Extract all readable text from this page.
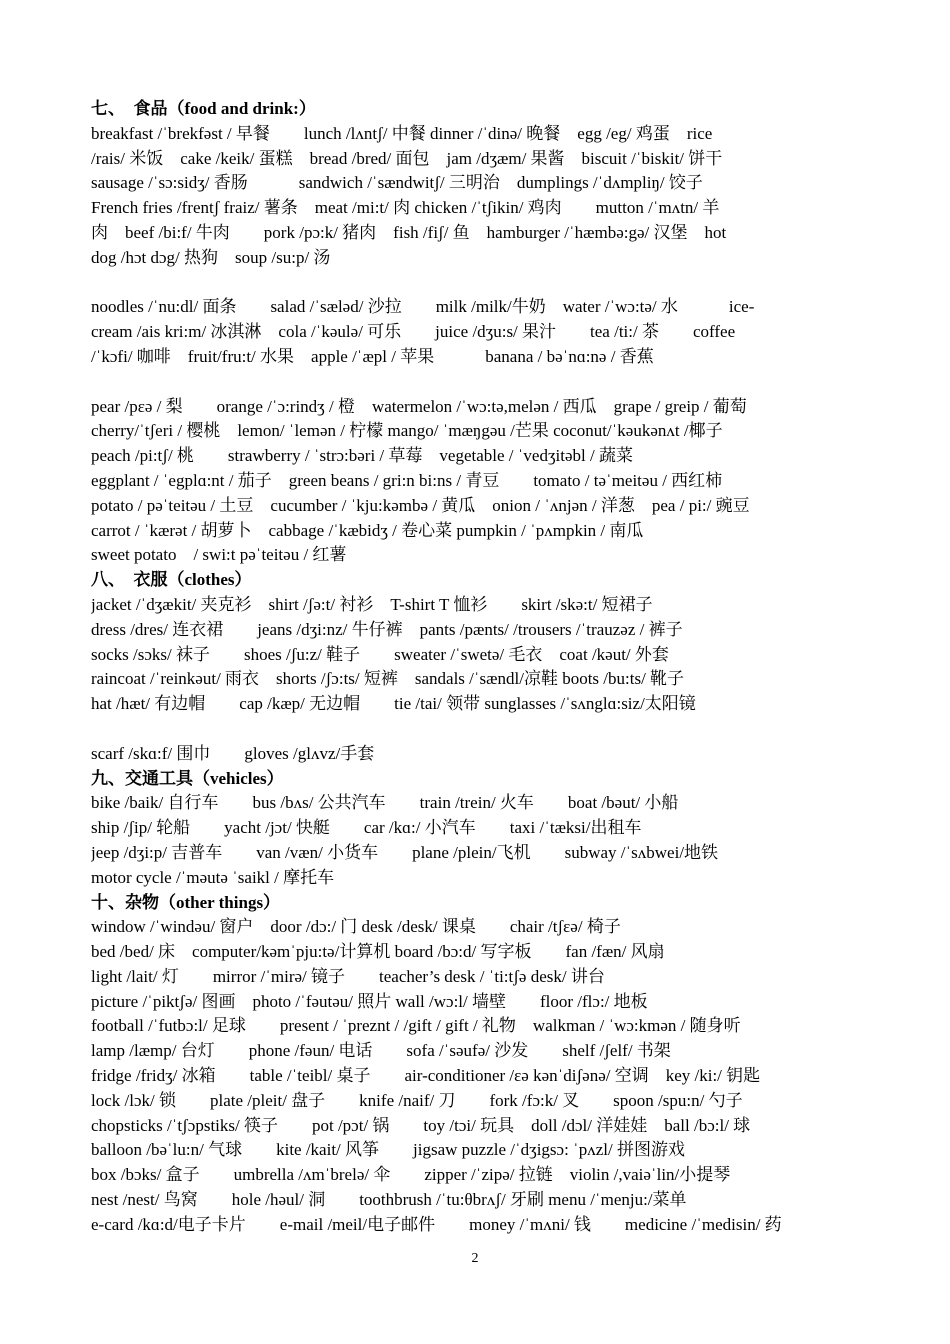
七、　食品（food and drink:）
breakfast /ˈbrekfəst / 早餐　　lunch /lʌntʃ/ 中餐 dinner /ˈdinə/ 晚餐　egg /eg/ 鸡蛋　rice
/rais/ 米饭　cake /keik/ 蛋糕　bread /bred/ 面包　jam /dʒæm/ 果酱　biscuit /ˈbiskit/ 饼干
sausage /ˈsɔ:sidʒ/ 香肠　　　sandwich /ˈsændwitʃ/ 三明治　dumplings /ˈdʌmpliŋ/ 饺子
French fries /frentʃ fraiz/ 薯条　meat /mi:t/ 肉 chicken /ˈtʃikin/ 鸡肉　　mutton /ˈmʌtn/ 羊
肉　beef /bi:f/ 牛肉　　pork /pɔ:k/ 猪肉　fish /fiʃ/ 鱼　hamburger /ˈhæmbə:gə/ 汉堡　hot
dog /hɔt dɔg/ 热狗　soup /su:p/ 汤
noodles /ˈnu:dl/ 面条　　salad /ˈsæləd/ 沙拉　　milk /milk/牛奶　water /ˈwɔ:tə/ 水　　　ice-
cream /ais kri:m/ 冰淇淋　cola /ˈkəulə/ 可乐　　juice /dʒu:s/ 果汁　　tea /ti:/ 茶　　coffee
/ˈkɔfi/ 咖啡　fruit/fru:t/ 水果　apple /ˈæpl / 苹果　　　banana / bəˈnɑ:nə / 香蕉
pear /pεə / 梨　　orange /ˈɔ:rindʒ / 橙　watermelon /ˈwɔ:tə,melən / 西瓜　grape / greip / 葡萄
cherry/ˈtʃeri / 樱桃　lemon/ ˈlemən / 柠檬 mango/ ˈmæŋgəu /芒果 coconut/ˈkəukənʌt /椰子
peach /pi:tʃ/ 桃　　strawberry / ˈstrɔ:bəri / 草莓　vegetable / ˈvedʒitəbl / 蔬菜
eggplant / ˈegplɑ:nt / 茄子　green beans / gri:n bi:ns / 青豆　　tomato / təˈmeitəu / 西红柿
potato / pəˈteitəu / 土豆　cucumber / ˈkju:kəmbə / 黄瓜　onion / ˈʌnjən / 洋葱　pea / pi:/ 豌豆
carrot / ˈkærət / 胡萝卜　cabbage /ˈkæbidʒ / 卷心菜 pumpkin / ˈpʌmpkin / 南瓜
sweet potato　/ swi:t pəˈteitəu / 红薯
八、　衣服（clothes）
jacket /ˈdʒækit/ 夹克衫　shirt /ʃə:t/ 衬衫　T-shirt T 恤衫　　skirt /skə:t/ 短裙子
dress /dres/ 连衣裙　　jeans /dʒi:nz/ 牛仔裤　pants /pænts/ /trousers /ˈtrauzəz / 裤子
socks /sɔks/ 袜子　　shoes /ʃu:z/ 鞋子　　sweater /ˈswetə/ 毛衣　coat /kəut/ 外套
raincoat /ˈreinkəut/ 雨衣　shorts /ʃɔ:ts/ 短裤　sandals /ˈsændl/凉鞋 boots /bu:ts/ 靴子
hat /hæt/ 有边帽　　cap /kæp/ 无边帽　　tie /tai/ 领带 sunglasses /ˈsʌnglɑ:siz/太阳镜
scarf /skɑ:f/ 围巾　　gloves /glʌvz/手套
九、交通工具（vehicles）
bike /baik/ 自行车　　bus /bʌs/ 公共汽车　　train /trein/ 火车　　boat /bəut/ 小船
ship /ʃip/ 轮船　　yacht /jɔt/ 快艇　　car /kɑ:/ 小汽车　　taxi /ˈtæksi/出租车
jeep /dʒi:p/ 吉普车　　van /væn/ 小货车　　plane /plein/飞机　　subway /ˈsʌbwei/地铁
motor cycle /ˈməutə ˈsaikl / 摩托车
十、杂物（other things）
window /ˈwindəu/ 窗户　door /dɔ:/ 门 desk /desk/ 课桌　　chair /tʃεə/ 椅子
bed /bed/ 床　computer/kəmˈpju:tə/计算机 board /bɔ:d/ 写字板　　fan /fæn/ 风扇
light /lait/ 灯　　mirror /ˈmirə/ 镜子　　teacher’s desk / ˈti:tʃə desk/ 讲台
picture /ˈpiktʃə/ 图画　photo /ˈfəutəu/ 照片 wall /wɔ:l/ 墙壁　　floor /flɔ:/ 地板
football /ˈfutbɔ:l/ 足球　　present / ˈpreznt / /gift / gift / 礼物　walkman / ˈwɔ:kmən / 随身听
lamp /læmp/ 台灯　　phone /fəun/ 电话　　sofa /ˈsəufə/ 沙发　　shelf /ʃelf/ 书架
fridge /fridʒ/ 冰箱　　table /ˈteibl/ 桌子　　air-conditioner /εə kənˈdiʃənə/ 空调　key /ki:/ 钥匙
lock /lɔk/ 锁　　plate /pleit/ 盘子　　knife /naif/ 刀　　fork /fɔ:k/ 叉　　spoon /spu:n/ 勺子
chopsticks /ˈtʃɔpstiks/ 筷子　　pot /pɔt/ 锅　　toy /tɔi/ 玩具　doll /dɔl/ 洋娃娃　ball /bɔ:l/ 球
balloon /bəˈlu:n/ 气球　　kite /kait/ 风筝　　jigsaw puzzle /ˈdʒigsɔ: ˈpʌzl/ 拼图游戏
box /bɔks/ 盒子　　umbrella /ʌmˈbrelə/ 伞　　zipper /ˈzipə/ 拉链　violin /,vaiəˈlin/小提琴
nest /nest/ 鸟窝　　hole /həul/ 洞　　toothbrush /ˈtu:θbrʌʃ/ 牙刷 menu /ˈmenju:/菜单
e-card /kɑ:d/电子卡片　　e-mail /meil/电子邮件　　money /ˈmʌni/ 钱　　medicine /ˈmedisin/ 药
2
